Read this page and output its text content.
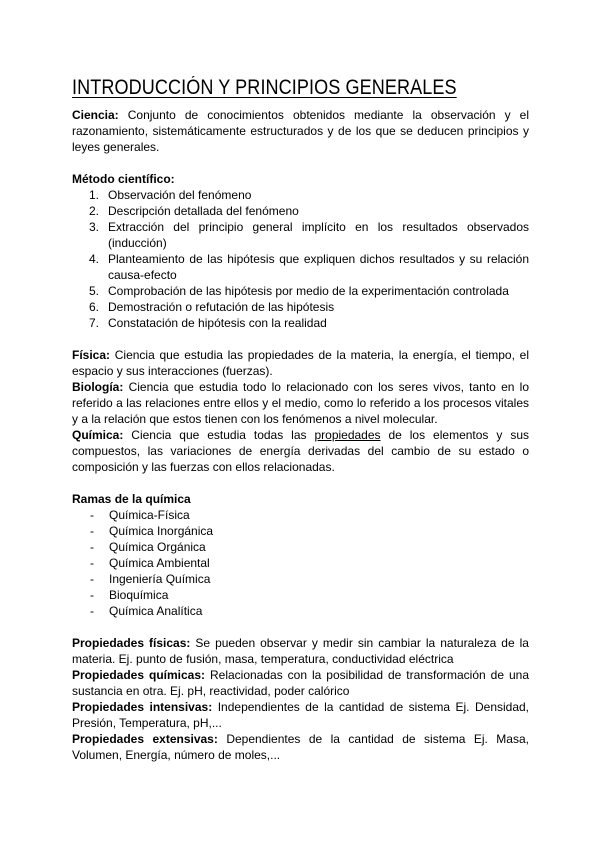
INTRODUCCIÓN Y PRINCIPIOS GENERALES

Ciencia: Conjunto de conocimientos obtenidos mediante la observación y el razonamiento, sistemáticamente estructurados y de los que se deducen principios y leyes generales.

Método científico:
1. Observación del fenómeno
2. Descripción detallada del fenómeno
3. Extracción del principio general implícito en los resultados observados (inducción)
4. Planteamiento de las hipótesis que expliquen dichos resultados y su relación causa-efecto
5. Comprobación de las hipótesis por medio de la experimentación controlada
6. Demostración o refutación de las hipótesis
7. Constatación de hipótesis con la realidad

Física: Ciencia que estudia las propiedades de la materia, la energía, el tiempo, el espacio y sus interacciones (fuerzas).

Biología: Ciencia que estudia todo lo relacionado con los seres vivos, tanto en lo referido a las relaciones entre ellos y el medio, como lo referido a los procesos vitales y a la relación que estos tienen con los fenómenos a nivel molecular.

Química: Ciencia que estudia todas las propiedades de los elementos y sus compuestos, las variaciones de energía derivadas del cambio de su estado o composición y las fuerzas con ellos relacionadas.

Ramas de la química
- Química-Física
- Química Inorgánica
- Química Orgánica
- Química Ambiental
- Ingeniería Química
- Bioquímica
- Química Analítica

Propiedades físicas: Se pueden observar y medir sin cambiar la naturaleza de la materia. Ej. punto de fusión, masa, temperatura, conductividad eléctrica

Propiedades químicas: Relacionadas con la posibilidad de transformación de una sustancia en otra. Ej. pH, reactividad, poder calórico

Propiedades intensivas: Independientes de la cantidad de sistema Ej. Densidad, Presión, Temperatura, pH,...

Propiedades extensivas: Dependientes de la cantidad de sistema Ej. Masa, Volumen, Energía, número de moles,...
